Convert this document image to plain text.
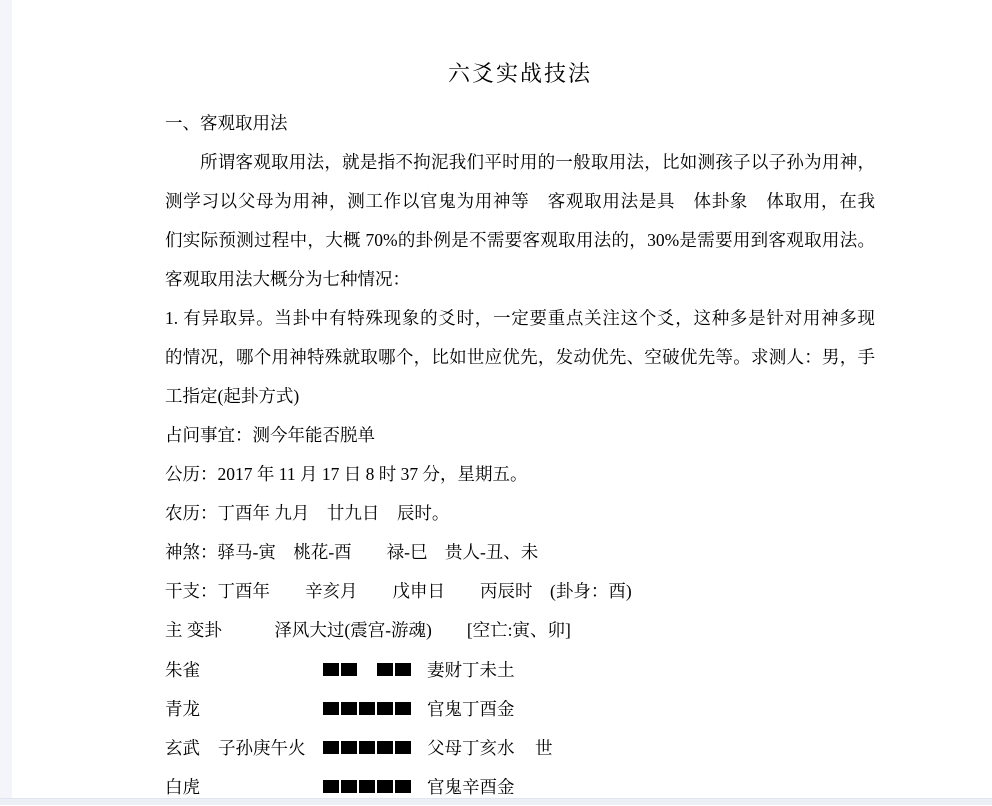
六爻实战技法
一、客观取用法
所谓客观取用法，就是指不拘泥我们平时用的一般取用法，比如测孩子以子孙为用神，
测学习以父母为用神，测工作以官鬼为用神等　客观取用法是具　体卦象　体取用，在我
们实际预测过程中，大概 70%的卦例是不需要客观取用法的，30%是需要用到客观取用法。
客观取用法大概分为七种情况：
1. 有异取异。当卦中有特殊现象的爻时，一定要重点关注这个爻，这种多是针对用神多现
的情况，哪个用神特殊就取哪个，比如世应优先，发动优先、空破优先等。求测人：男，手
工指定(起卦方式)
占问事宜：测今年能否脱单
公历：2017 年 11 月 17 日 8 时 37 分，星期五。
农历：丁酉年 九月　廿九日　辰时。
神煞：驿马-寅　桃花-酉　　禄-巳　贵人-丑、未
干支：丁酉年　　辛亥月　　戊申日　　丙辰时　(卦身：酉)
主 变卦　　　泽风大过(震宫-游魂)　　[空亡:寅、卯]
朱雀	妻财丁未土
青龙	官鬼丁酉金
玄武	子孙庚午火	父母丁亥水	世
白虎	官鬼辛酉金
